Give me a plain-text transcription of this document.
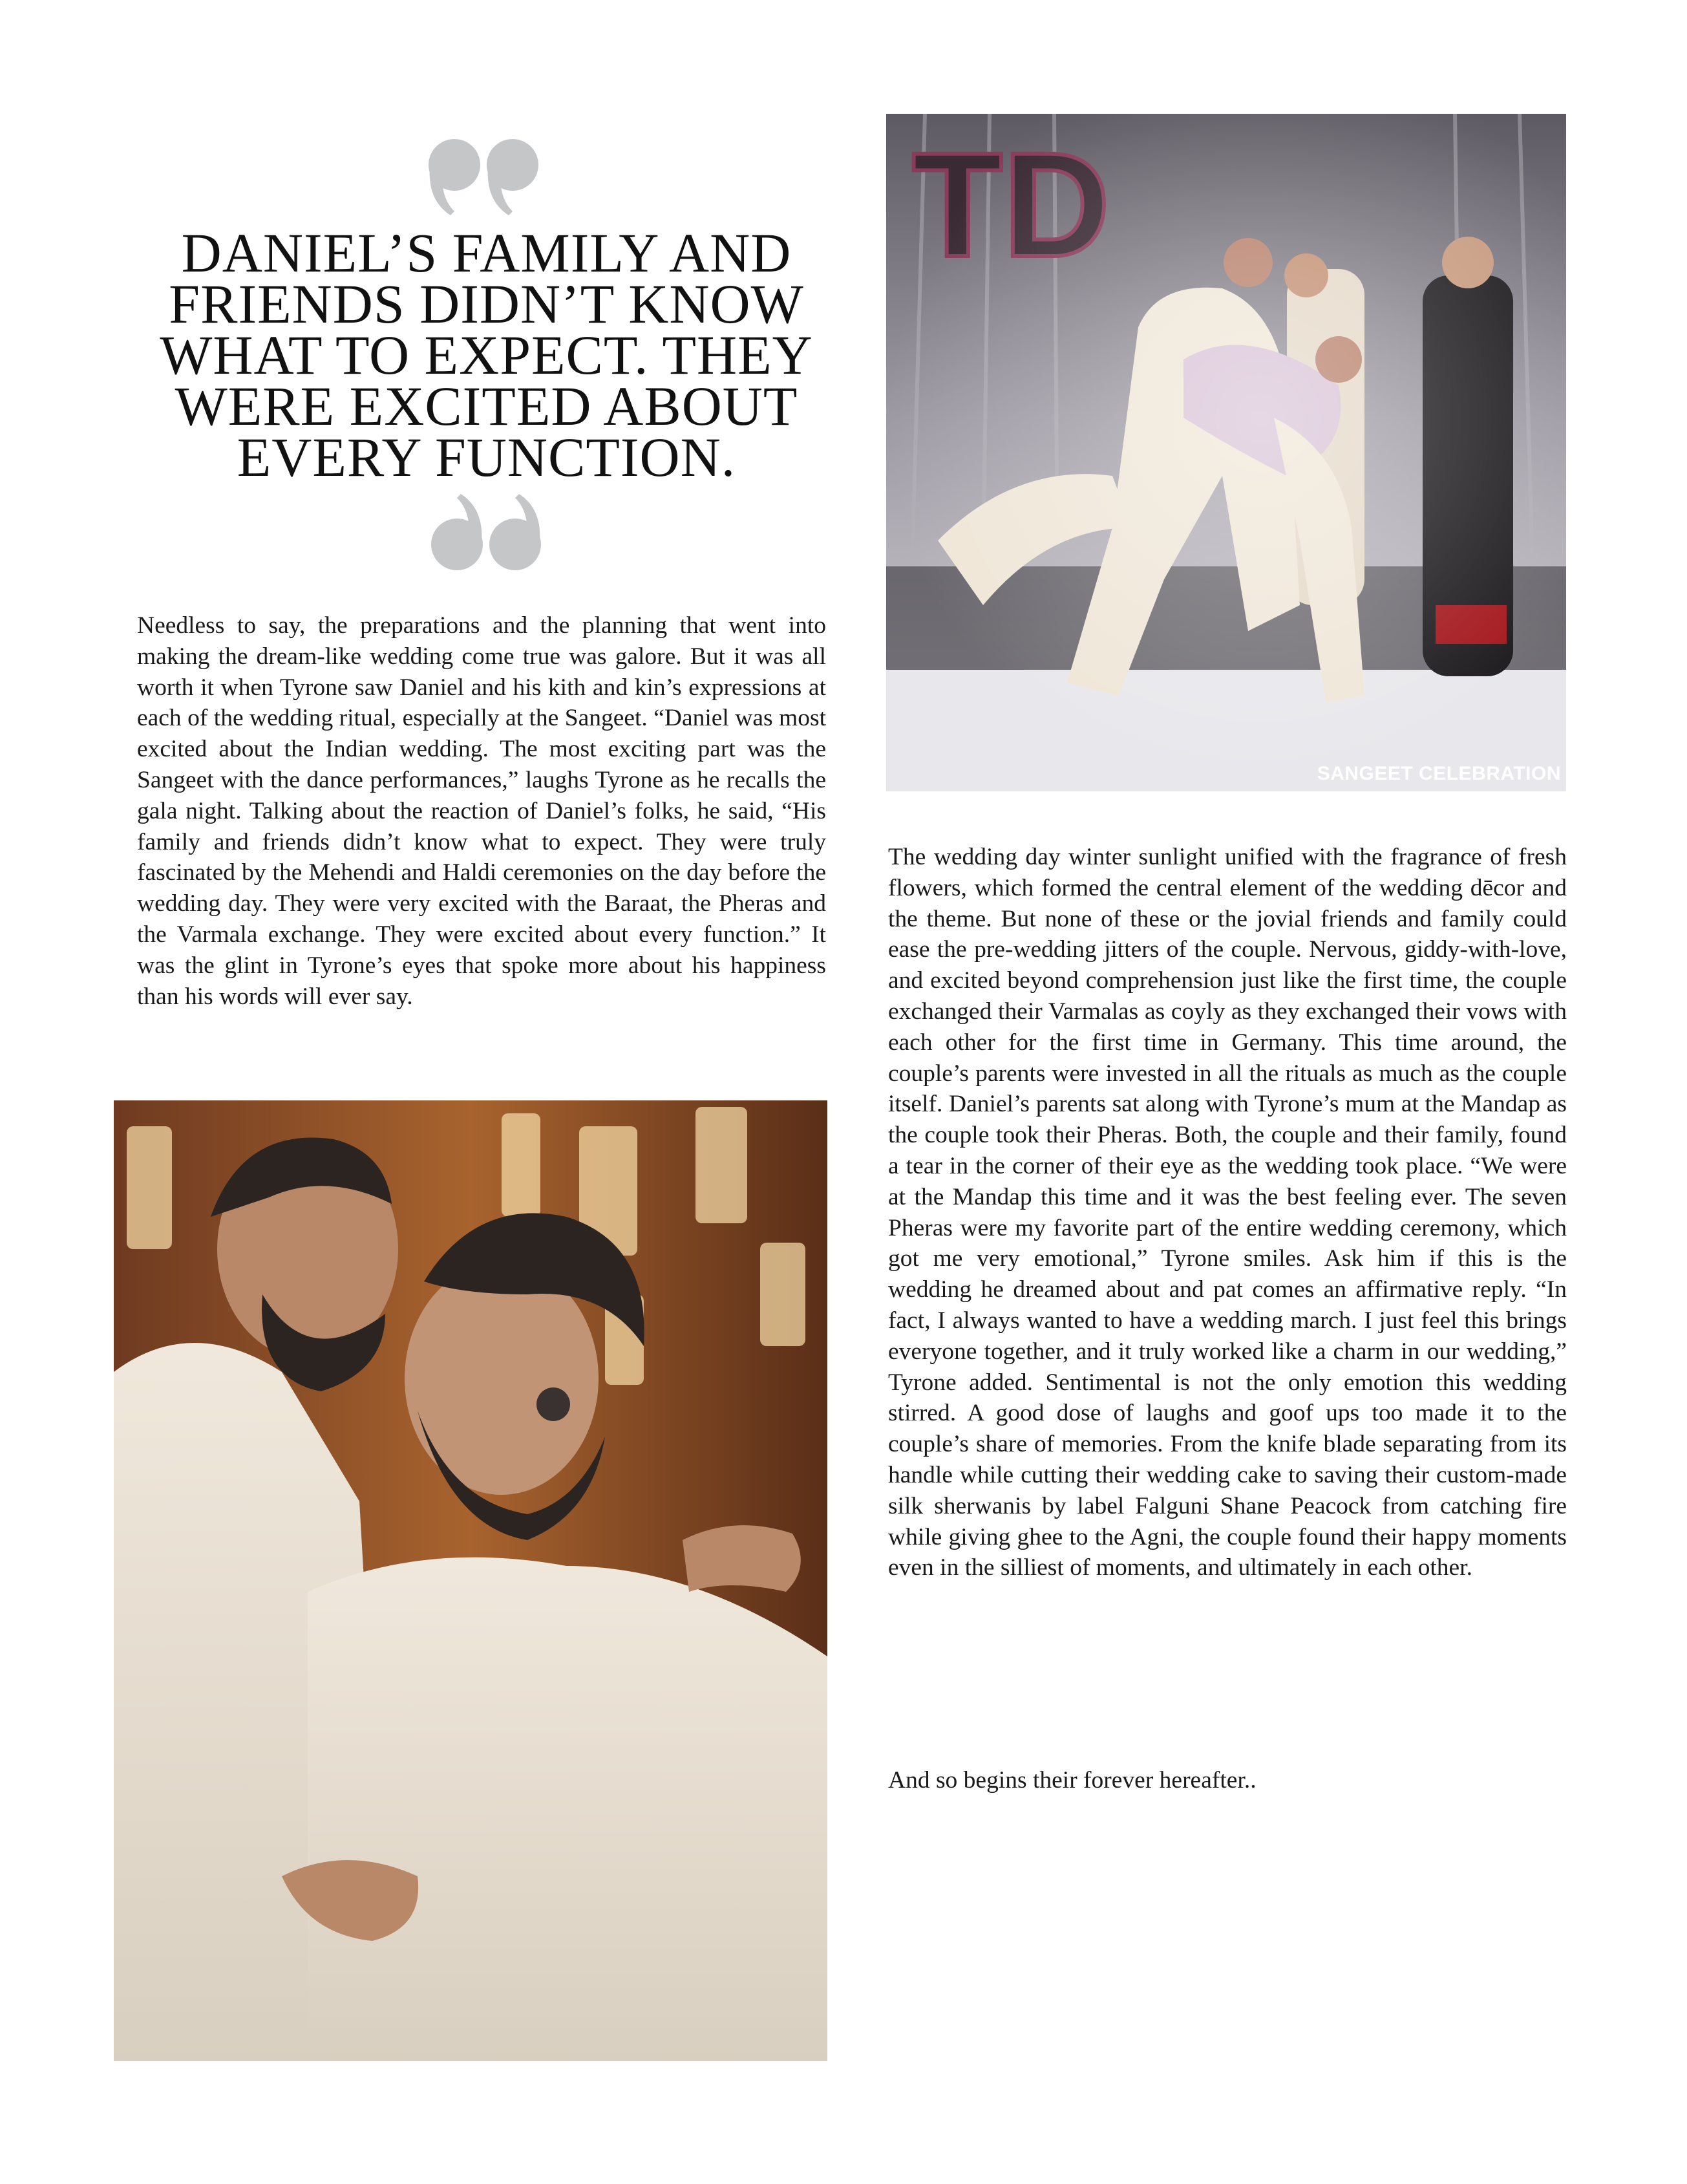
DANIEL’S FAMILY AND FRIENDS DIDN’T KNOW WHAT TO EXPECT. THEY WERE EXCITED ABOUT EVERY FUNCTION.

Needless to say, the preparations and the planning that went into making the dream-like wedding come true was galore. But it was all worth it when Tyrone saw Daniel and his kith and kin’s expressions at each of the wedding ritual, especially at the Sangeet. “Daniel was most excited about the Indian wedding. The most exciting part was the Sangeet with the dance performances,” laughs Tyrone as he recalls the gala night. Talking about the reaction of Daniel’s folks, he said, “His family and friends didn’t know what to expect. They were truly fascinated by the Mehendi and Haldi ceremonies on the day before the wedding day. They were very excited with the Baraat, the Pheras and the Varmala exchange. They were excited about every function.” It was the glint in Tyrone’s eyes that spoke more about his happiness than his words will ever say.

SANGEET CELEBRATION

The wedding day winter sunlight unified with the fragrance of fresh flowers, which formed the central element of the wedding dēcor and the theme. But none of these or the jovial friends and family could ease the pre-wedding jitters of the couple. Nervous, giddy-with-love, and excited beyond comprehension just like the first time, the couple exchanged their Varmalas as coyly as they exchanged their vows with each other for the first time in Germany. This time around, the couple’s parents were invested in all the rituals as much as the couple itself. Daniel’s parents sat along with Tyrone’s mum at the Mandap as the couple took their Pheras. Both, the couple and their family, found a tear in the corner of their eye as the wedding took place. “We were at the Mandap this time and it was the best feeling ever. The seven Pheras were my favorite part of the entire wedding ceremony, which got me very emotional,” Tyrone smiles. Ask him if this is the wedding he dreamed about and pat comes an affirmative reply. “In fact, I always wanted to have a wedding march. I just feel this brings everyone together, and it truly worked like a charm in our wedding,” Tyrone added. Sentimental is not the only emotion this wedding stirred. A good dose of laughs and goof ups too made it to the couple’s share of memories. From the knife blade separating from its handle while cutting their wedding cake to saving their custom-made silk sherwanis by label Falguni Shane Peacock from catching fire while giving ghee to the Agni, the couple found their happy moments even in the silliest of moments, and ultimately in each other.

And so begins their forever hereafter..
